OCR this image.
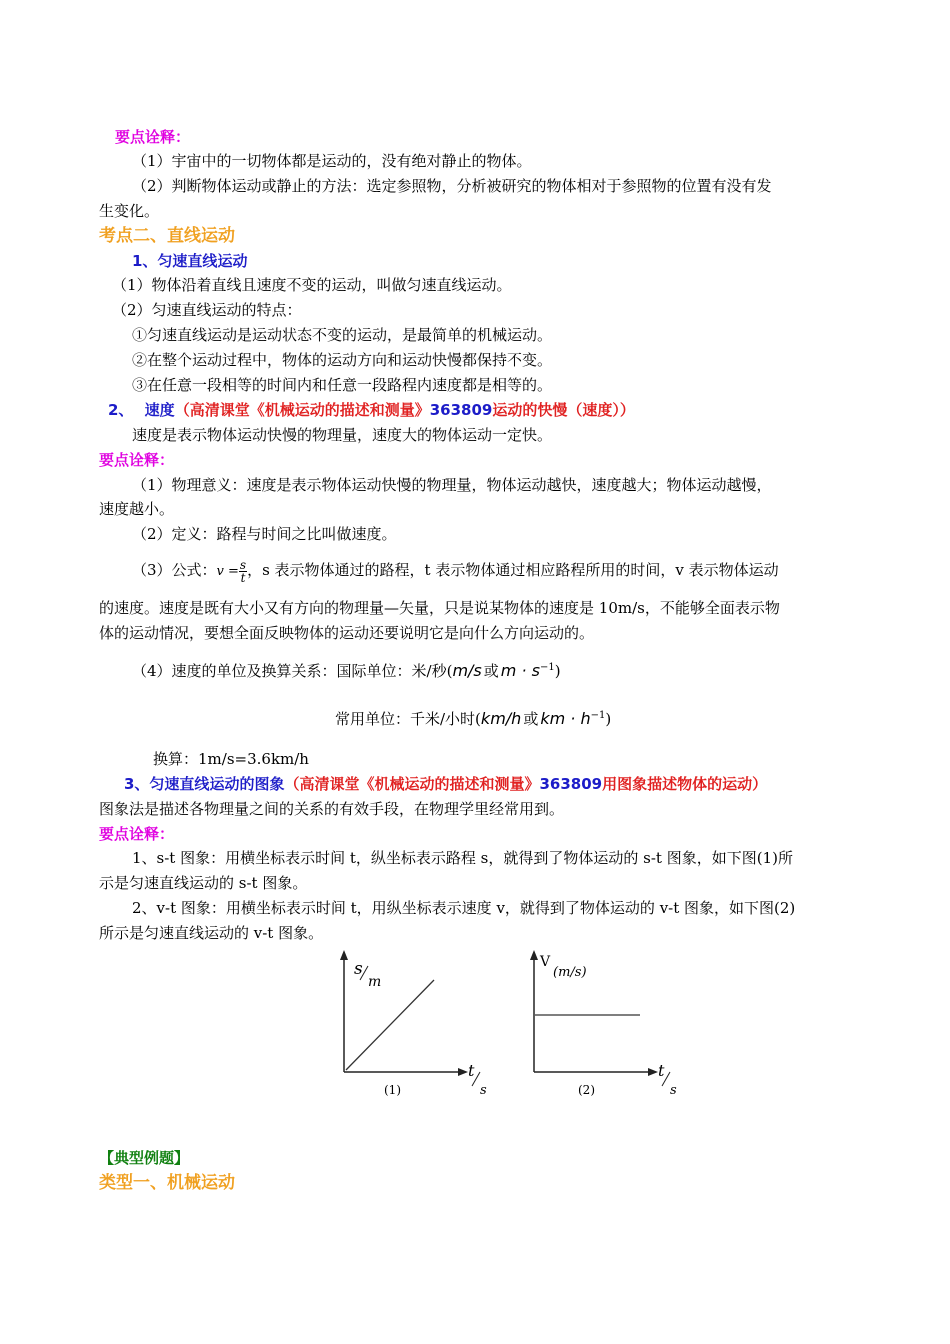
要点诠释：
（1）宇宙中的一切物体都是运动的，没有绝对静止的物体。
（2）判断物体运动或静止的方法：选定参照物，分析被研究的物体相对于参照物的位置有没有发
生变化。
考点二、直线运动
1、匀速直线运动
（1）物体沿着直线且速度不变的运动，叫做匀速直线运动。
（2）匀速直线运动的特点：
①匀速直线运动是运动状态不变的运动，是最简单的机械运动。
②在整个运动过程中，物体的运动方向和运动快慢都保持不变。
③在任意一段相等的时间内和任意一段路程内速度都是相等的。
2、 速度（高清课堂《机械运动的描述和测量》363809运动的快慢（速度））
速度是表示物体运动快慢的物理量，速度大的物体运动一定快。
要点诠释：
（1）物理意义：速度是表示物体运动快慢的物理量，物体运动越快，速度越大；物体运动越慢，
速度越小。
（2）定义：路程与时间之比叫做速度。
（3）公式：$v = \frac{s}{t}$ ，s 表示物体通过的路程，t 表示物体通过相应路程所用的时间，v 表示物体运动
的速度。速度是既有大小又有方向的物理量—矢量，只是说某物体的速度是 10m/s，不能够全面表示物
体的运动情况，要想全面反映物体的运动还要说明它是向什么方向运动的。
（4）速度的单位及换算关系：国际单位：米/秒(m/s 或 $m \cdot s^{-1}$)
常用单位：千米/小时(km/h 或 km · $h^{-1}$)
换算：1m/s=3.6km/h
3、匀速直线运动的图象（高清课堂《机械运动的描述和测量》363809用图象描述物体的运动）
图象法是描述各物理量之间的关系的有效手段，在物理学里经常用到。
要点诠释：
1、s-t 图象：用横坐标表示时间 t，纵坐标表示路程 s，就得到了物体运动的 s-t 图象，如下图(1)所
示是匀速直线运动的 s-t 图象。
2、v-t 图象：用横坐标表示时间 t，用纵坐标表示速度 v，就得到了物体运动的 v-t 图象，如下图(2)
所示是匀速直线运动的 v-t 图象。
s
m
t
s
(1)
V
(m/s)
t
s
(2)
【典型例题】
类型一、机械运动
